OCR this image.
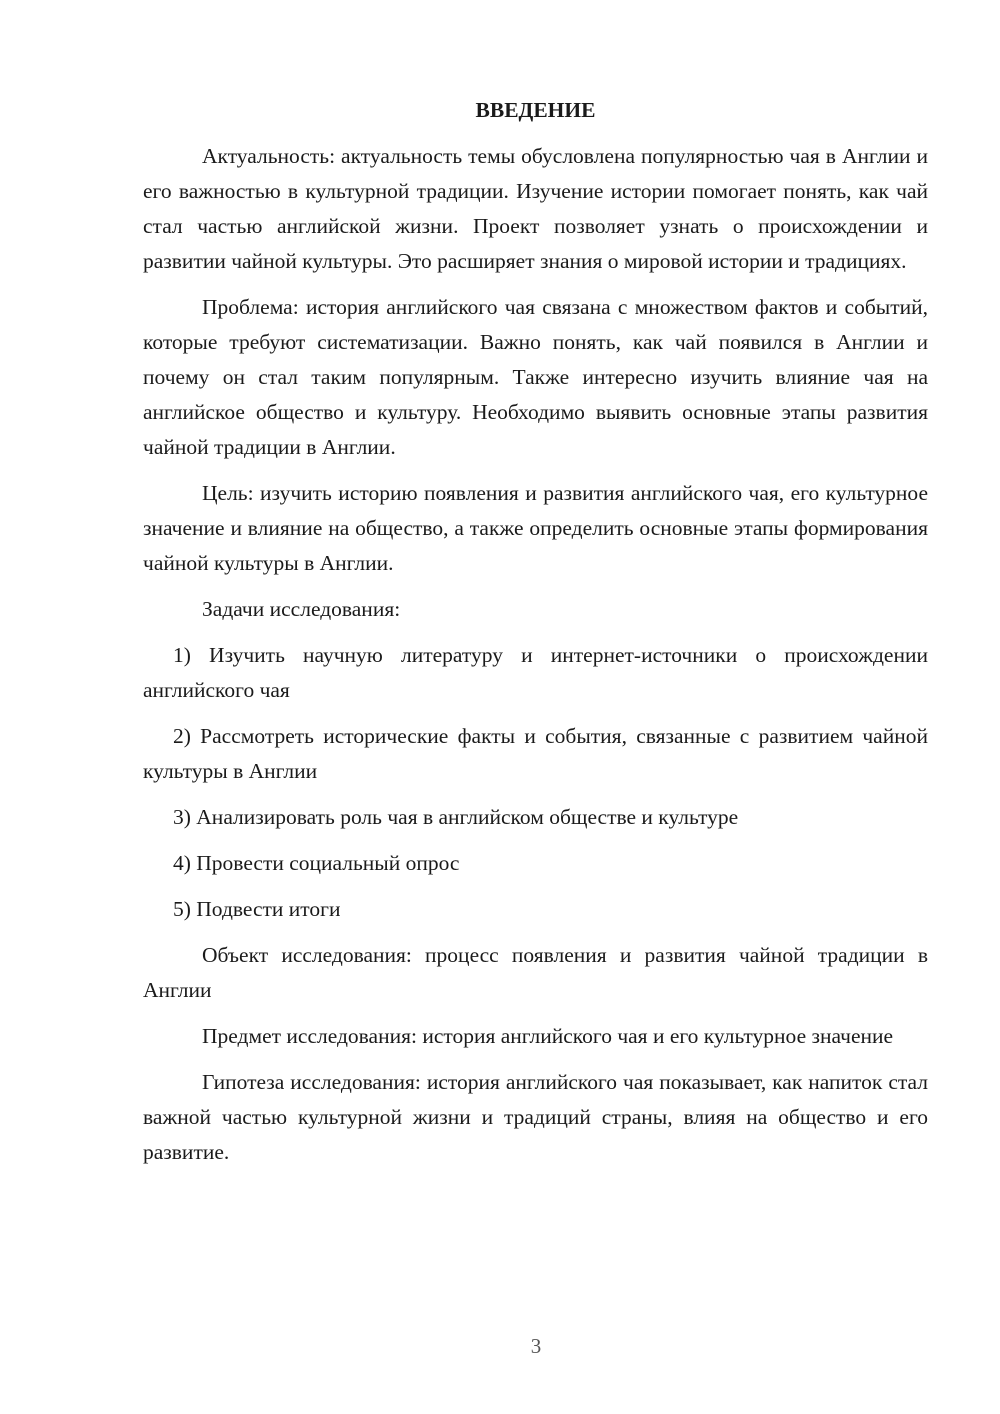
ВВЕДЕНИЕ

Актуальность: актуальность темы обусловлена популярностью чая в Англии и его важностью в культурной традиции. Изучение истории помогает понять, как чай стал частью английской жизни. Проект позволяет узнать о происхождении и развитии чайной культуры. Это расширяет знания о мировой истории и традициях.

Проблема: история английского чая связана с множеством фактов и событий, которые требуют систематизации. Важно понять, как чай появился в Англии и почему он стал таким популярным. Также интересно изучить влияние чая на английское общество и культуру. Необходимо выявить основные этапы развития чайной традиции в Англии.

Цель: изучить историю появления и развития английского чая, его культурное значение и влияние на общество, а также определить основные этапы формирования чайной культуры в Англии.

Задачи исследования:

1) Изучить научную литературу и интернет-источники о происхождении английского чая

2) Рассмотреть исторические факты и события, связанные с развитием чайной культуры в Англии

3) Анализировать роль чая в английском обществе и культуре

4) Провести социальный опрос

5) Подвести итоги

Объект исследования: процесс появления и развития чайной традиции в Англии

Предмет исследования: история английского чая и его культурное значение

Гипотеза исследования: история английского чая показывает, как напиток стал важной частью культурной жизни и традиций страны, влияя на общество и его развитие.

3
